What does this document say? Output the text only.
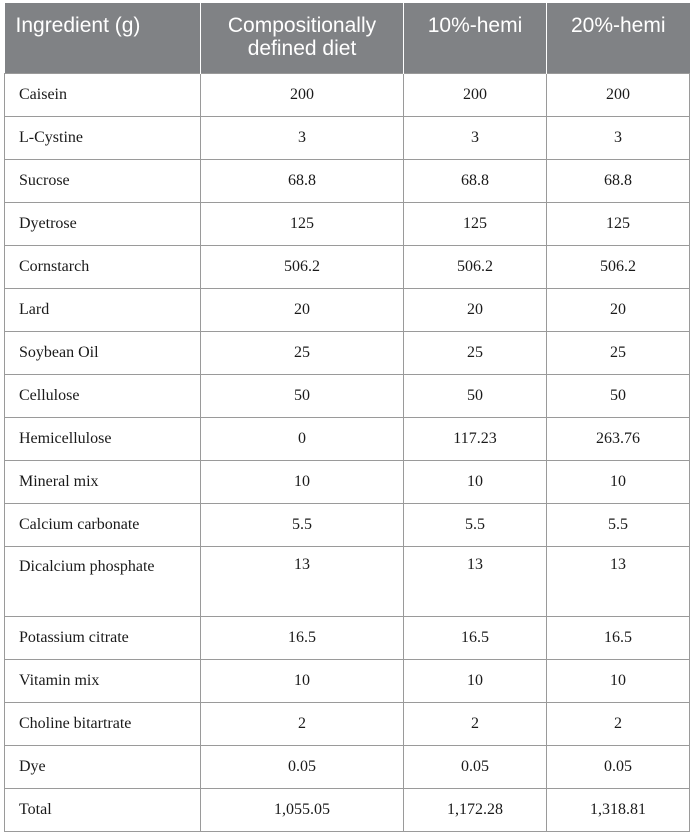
Ingredient (g)	Compositionally defined diet	10%-hemi	20%-hemi
Caisein	200	200	200
L-Cystine	3	3	3
Sucrose	68.8	68.8	68.8
Dyetrose	125	125	125
Cornstarch	506.2	506.2	506.2
Lard	20	20	20
Soybean Oil	25	25	25
Cellulose	50	50	50
Hemicellulose	0	117.23	263.76
Mineral mix	10	10	10
Calcium carbonate	5.5	5.5	5.5
Dicalcium phosphate	13	13	13
Potassium citrate	16.5	16.5	16.5
Vitamin mix	10	10	10
Choline bitartrate	2	2	2
Dye	0.05	0.05	0.05
Total	1,055.05	1,172.28	1,318.81
